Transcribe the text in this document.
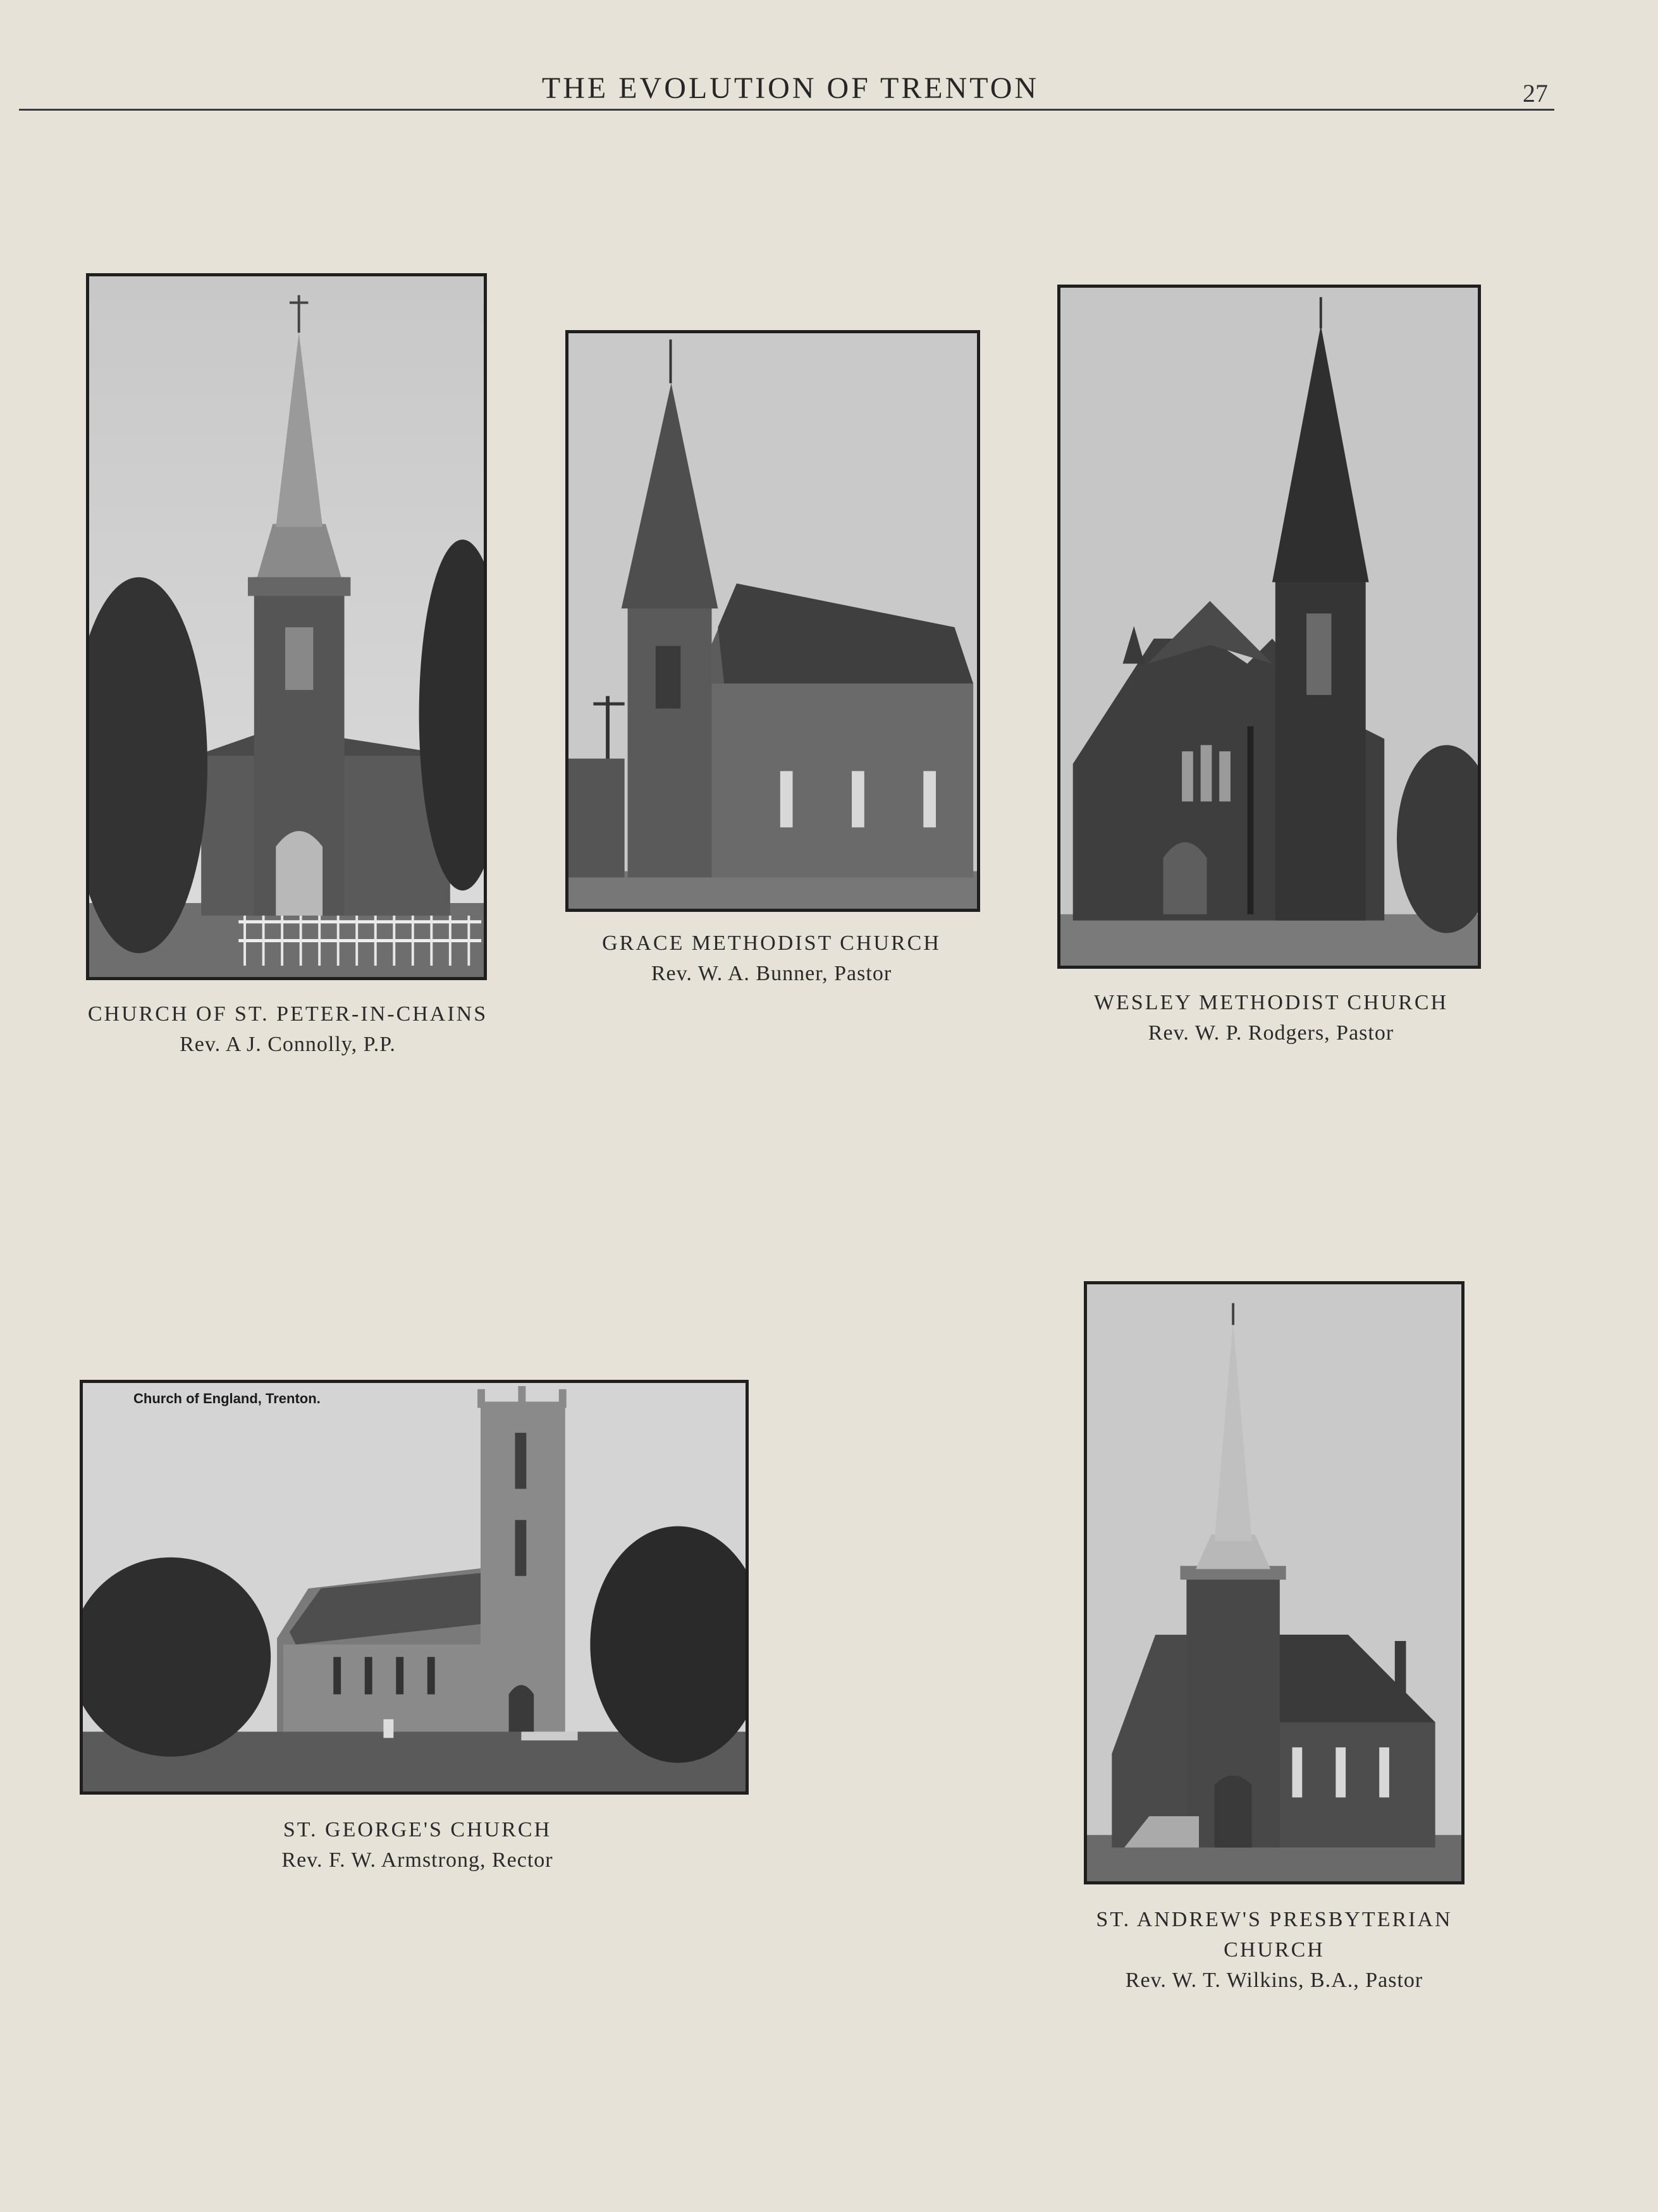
THE EVOLUTION OF TRENTON	27
CHURCH OF ST. PETER-IN-CHAINS
Rev. A J. Connolly, P.P.
GRACE METHODIST CHURCH
Rev. W. A. Bunner, Pastor
WESLEY METHODIST CHURCH
Rev. W. P. Rodgers, Pastor
Church of England, Trenton.
ST. GEORGE'S CHURCH
Rev. F. W. Armstrong, Rector
ST. ANDREW'S PRESBYTERIAN
CHURCH
Rev. W. T. Wilkins, B.A., Pastor
